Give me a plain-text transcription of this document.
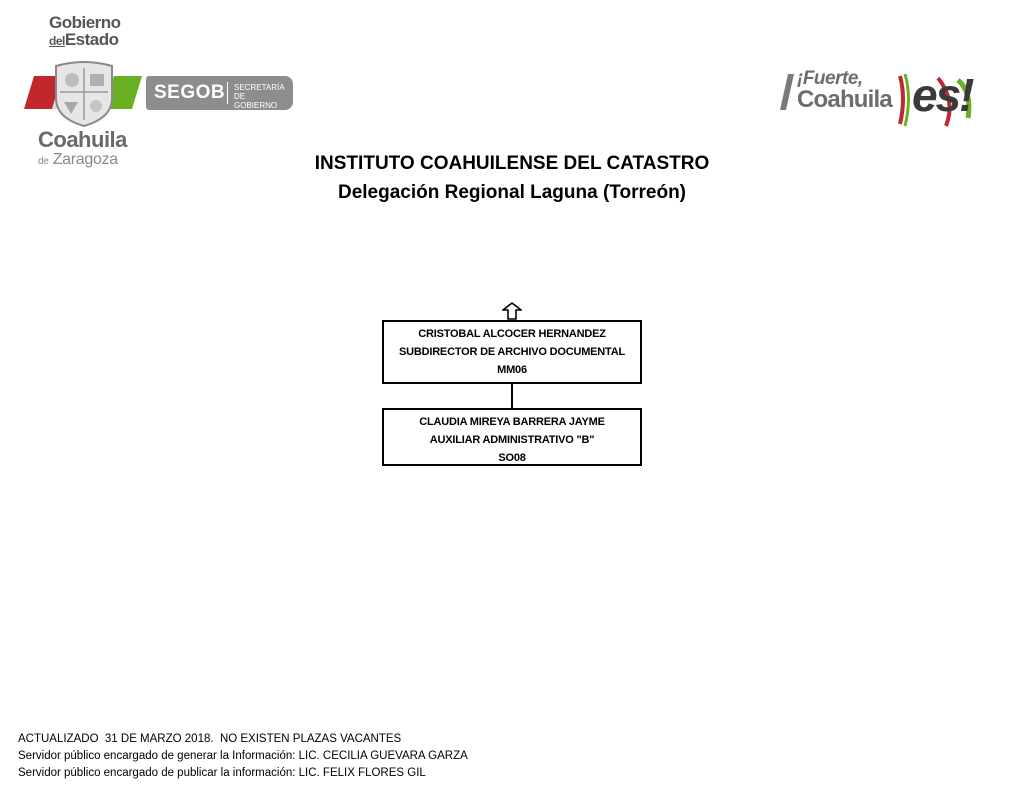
Gobierno
delEstado
SEGOB SECRETARÍA
DE GOBIERNO
Coahuila
de Zaragoza
¡Fuerte,
Coahuila es!
INSTITUTO COAHUILENSE DEL CATASTRO
Delegación Regional Laguna (Torreón)
CRISTOBAL ALCOCER HERNANDEZ
SUBDIRECTOR DE ARCHIVO DOCUMENTAL
MM06
CLAUDIA MIREYA BARRERA JAYME
AUXILIAR ADMINISTRATIVO "B"
SO08
ACTUALIZADO  31 DE MARZO 2018.  NO EXISTEN PLAZAS VACANTES
Servidor público encargado de generar la Información: LIC. CECILIA GUEVARA GARZA
Servidor público encargado de publicar la información: LIC. FELIX FLORES GIL
